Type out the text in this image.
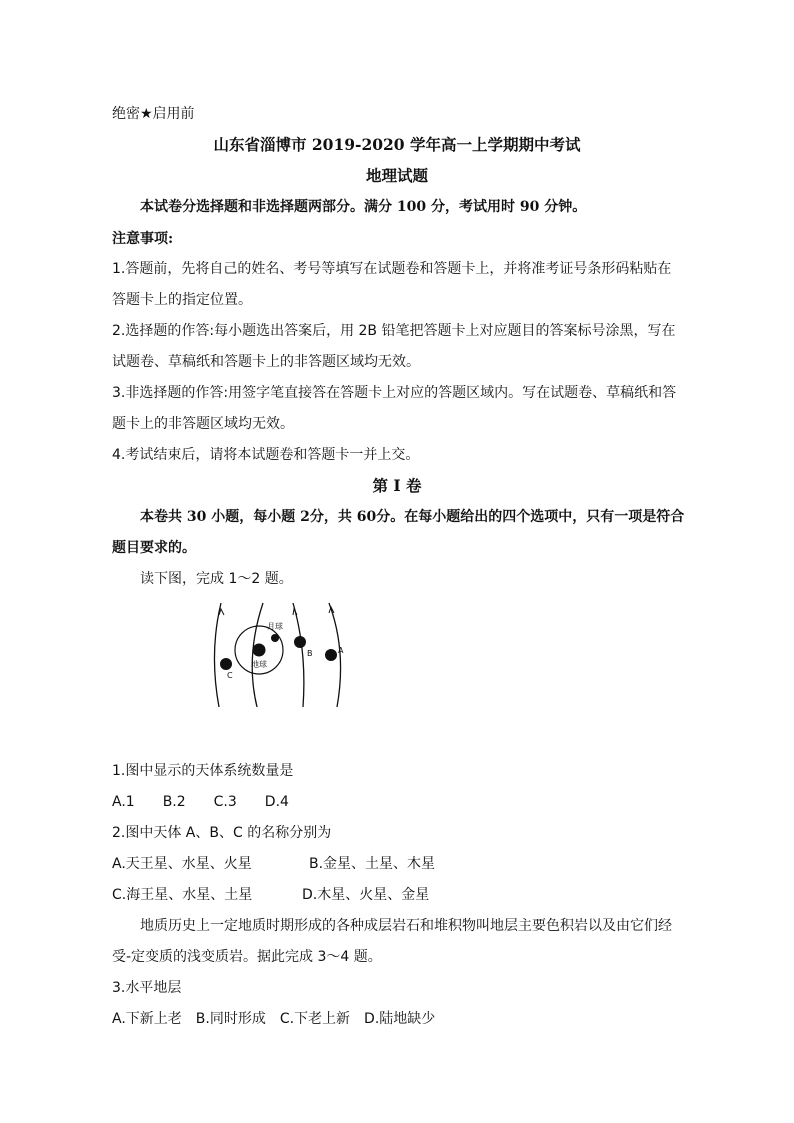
绝密★启用前
山东省淄博市 2019-2020 学年高一上学期期中考试
地理试题
本试卷分选择题和非选择题两部分。满分 100 分，考试用时 90 分钟。
注意事项:
1.答题前，先将自己的姓名、考号等填写在试题卷和答题卡上，并将准考证号条形码粘贴在
答题卡上的指定位置。
2.选择题的作答:每小题选出答案后，用 2B 铅笔把答题卡上对应题目的答案标号涂黑，写在
试题卷、草稿纸和答题卡上的非答题区域均无效。
3.非选择题的作答:用签字笔直接答在答题卡上对应的答题区域内。写在试题卷、草稿纸和答
题卡上的非答题区域均无效。
4.考试结束后，请将本试题卷和答题卡一并上交。
第 I 卷
本卷共 30 小题，每小题 2分，共 60分。在每小题给出的四个选项中，只有一项是符合
题目要求的。
读下图，完成 1～2 题。
月球
地球
B	A
C
1.图中显示的天体系统数量是
A.1　　B.2　　C.3　　D.4
2.图中天体 A、B、C 的名称分别为
A.天王星、水星、火星	B.金星、土星、木星
C.海王星、水星、土星	D.木星、火星、金星
地质历史上一定地质时期形成的各种成层岩石和堆积物叫地层主要色积岩以及由它们经
受-定变质的浅变质岩。据此完成 3～4 题。
3.水平地层
A.下新上老　B.同时形成　C.下老上新　D.陆地缺少
